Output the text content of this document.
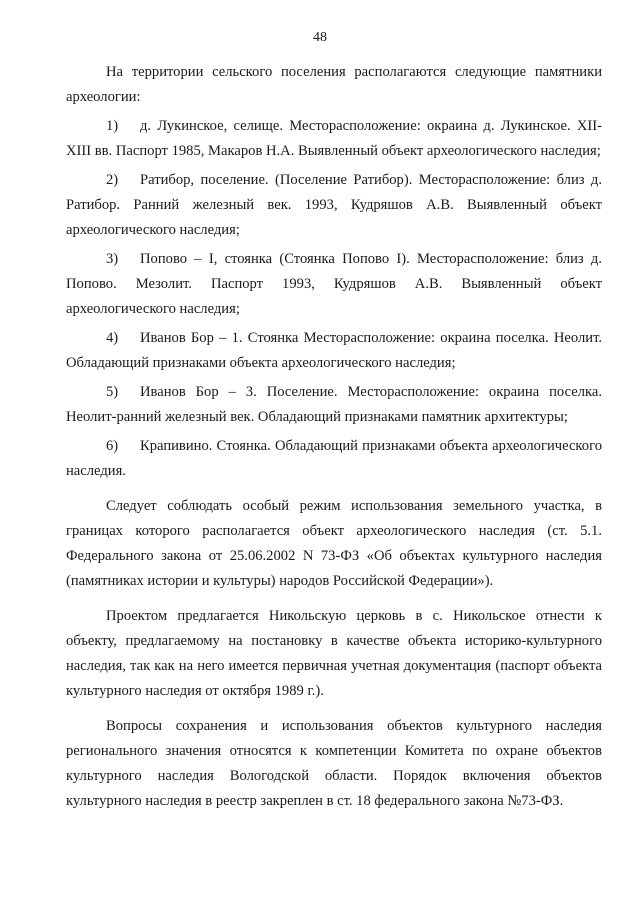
48

На территории сельского поселения располагаются следующие памятники археологии:

1) д. Лукинское, селище. Месторасположение: окраина д. Лукинское. XII-XIII вв. Паспорт 1985, Макаров Н.А. Выявленный объект археологического наследия;

2) Ратибор, поселение. (Поселение Ратибор). Месторасположение: близ д. Ратибор. Ранний железный век. 1993, Кудряшов А.В. Выявленный объект археологического наследия;

3) Попово – I, стоянка (Стоянка Попово I). Месторасположение: близ д. Попово. Мезолит. Паспорт 1993, Кудряшов А.В. Выявленный объект археологического наследия;

4) Иванов Бор – 1. Стоянка Месторасположение: окраина поселка. Неолит. Обладающий признаками объекта археологического наследия;

5) Иванов Бор – 3. Поселение. Месторасположение: окраина поселка. Неолит-ранний железный век. Обладающий признаками памятник архитектуры;

6) Крапивино. Стоянка. Обладающий признаками объекта археологического наследия.

Следует соблюдать особый режим использования земельного участка, в границах которого располагается объект археологического наследия (ст. 5.1. Федерального закона от 25.06.2002 N 73-ФЗ «Об объектах культурного наследия (памятниках истории и культуры) народов Российской Федерации»).

Проектом предлагается Никольскую церковь в с. Никольское отнести к объекту, предлагаемому на постановку в качестве объекта историко-культурного наследия, так как на него имеется первичная учетная документация (паспорт объекта культурного наследия от октября 1989 г.).

Вопросы сохранения и использования объектов культурного наследия регионального значения относятся к компетенции Комитета по охране объектов культурного наследия Вологодской области. Порядок включения объектов культурного наследия в реестр закреплен в ст. 18 федерального закона №73-ФЗ.
